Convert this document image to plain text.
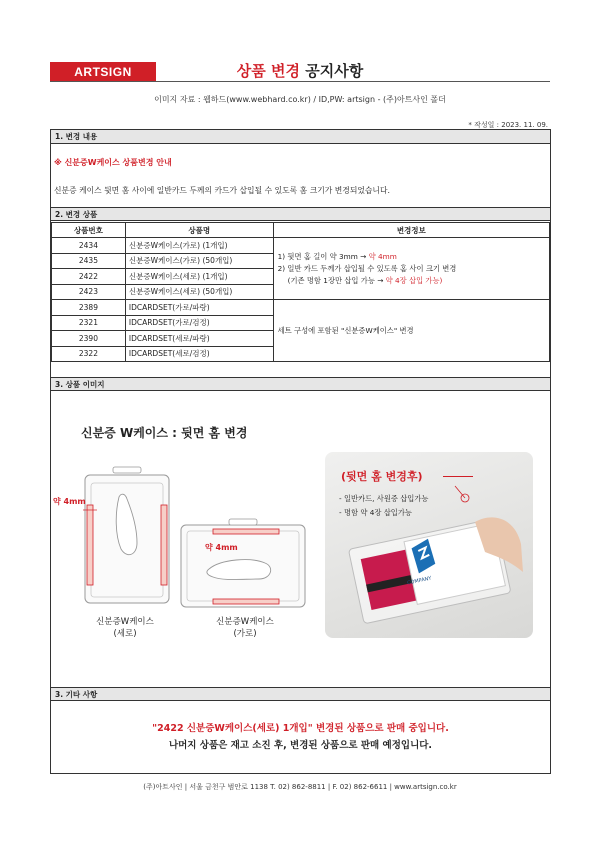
ARTSIGN	상품 변경 공지사항
이미지 자료 : 웹하드(www.webhard.co.kr) / ID,PW: artsign - (주)아트사인 폴더
* 작성일 : 2023. 11. 09.
1. 변경 내용
※ 신분증W케이스 상품변경 안내
신분증 케이스 뒷면 홈 사이에 일반카드 두께의 카드가 삽입될 수 있도록 홈 크기가 변경되었습니다.
2. 변경 상품
상품번호	상품명	변경정보
2434	신분증W케이스(가로) (1개입)	1) 뒷면 홈 길이 약 3mm → 약 4mm
2) 일반 카드 두께가 삽입될 수 있도록 홈 사이 크기 변경
(기존 명함 1장만 삽입 가능 → 약 4장 삽입 가능)

2435	신분증W케이스(가로) (50개입)	
2422	신분증W케이스(세로) (1개입)	
2423	신분증W케이스(세로) (50개입)	
2389	IDCARDSET(가로/파랑)	세트 구성에 포함된 "신분증W케이스" 변경
2321	IDCARDSET(가로/검정)	
2390	IDCARDSET(세로/파랑)	
2322	IDCARDSET(세로/검정)	
3. 상품 이미지
신분증 W케이스 : 뒷면 홈 변경
약 4mm
약 4mm
신분증W케이스
(세로)
신분증W케이스
(가로)
(뒷면 홈 변경후)
- 일반카드, 사원증 삽입가능
- 명함 약 4장 삽입가능
COMPANY
3. 기타 사항
"2422 신분증W케이스(세로) 1개입" 변경된 상품으로 판매 중입니다.
나머지 상품은 재고 소진 후, 변경된 상품으로 판매 예정입니다.
(주)아트사인 | 서울 금천구 범안로 1138 T. 02) 862-8811 | F. 02) 862-6611 | www.artsign.co.kr
